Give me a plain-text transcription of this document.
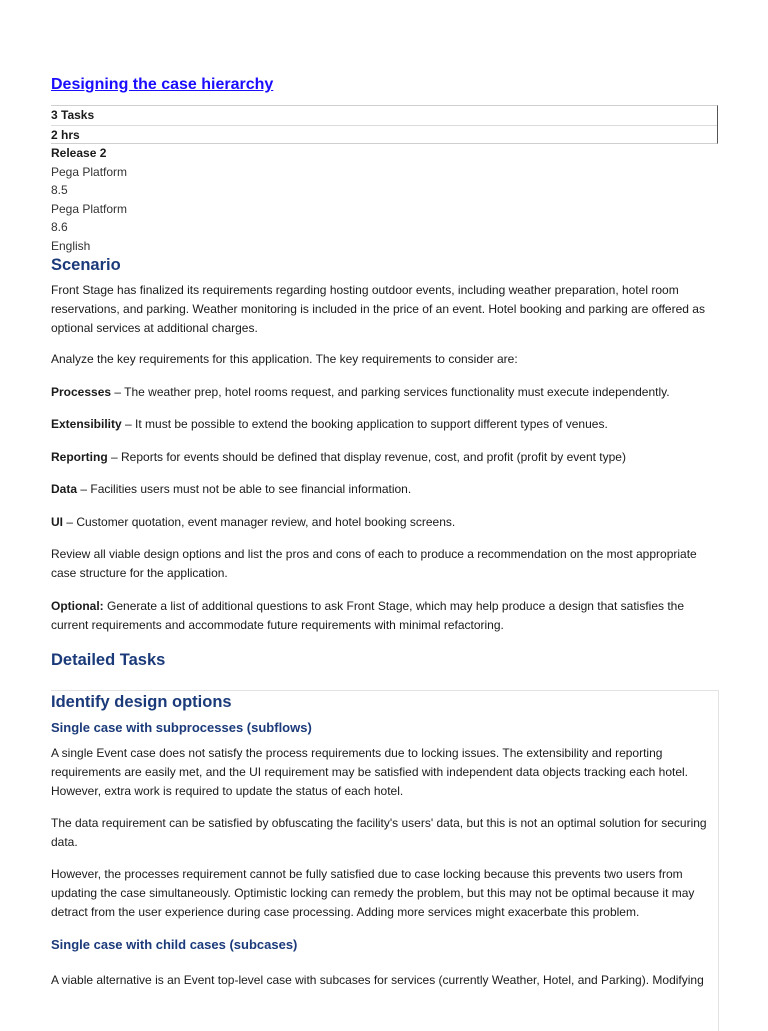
Designing the case hierarchy
3 Tasks
2 hrs
Release 2
Pega Platform
8.5
Pega Platform
8.6
English
Scenario

Front Stage has finalized its requirements regarding hosting outdoor events, including weather preparation, hotel room reservations, and parking. Weather monitoring is included in the price of an event. Hotel booking and parking are offered as optional services at additional charges.

Analyze the key requirements for this application. The key requirements to consider are:

Processes – The weather prep, hotel rooms request, and parking services functionality must execute independently.

Extensibility – It must be possible to extend the booking application to support different types of venues.

Reporting – Reports for events should be defined that display revenue, cost, and profit (profit by event type)

Data – Facilities users must not be able to see financial information.

UI – Customer quotation, event manager review, and hotel booking screens.

Review all viable design options and list the pros and cons of each to produce a recommendation on the most appropriate case structure for the application.

Optional: Generate a list of additional questions to ask Front Stage, which may help produce a design that satisfies the current requirements and accommodate future requirements with minimal refactoring.

Detailed Tasks
Identify design options
Single case with subprocesses (subflows)

A single Event case does not satisfy the process requirements due to locking issues. The extensibility and reporting requirements are easily met, and the UI requirement may be satisfied with independent data objects tracking each hotel. However, extra work is required to update the status of each hotel.

The data requirement can be satisfied by obfuscating the facility's users' data, but this is not an optimal solution for securing data.

However, the processes requirement cannot be fully satisfied due to case locking because this prevents two users from updating the case simultaneously. Optimistic locking can remedy the problem, but this may not be optimal because it may detract from the user experience during case processing. Adding more services might exacerbate this problem.

Single case with child cases (subcases)

A viable alternative is an Event top-level case with subcases for services (currently Weather, Hotel, and Parking). Modifying
